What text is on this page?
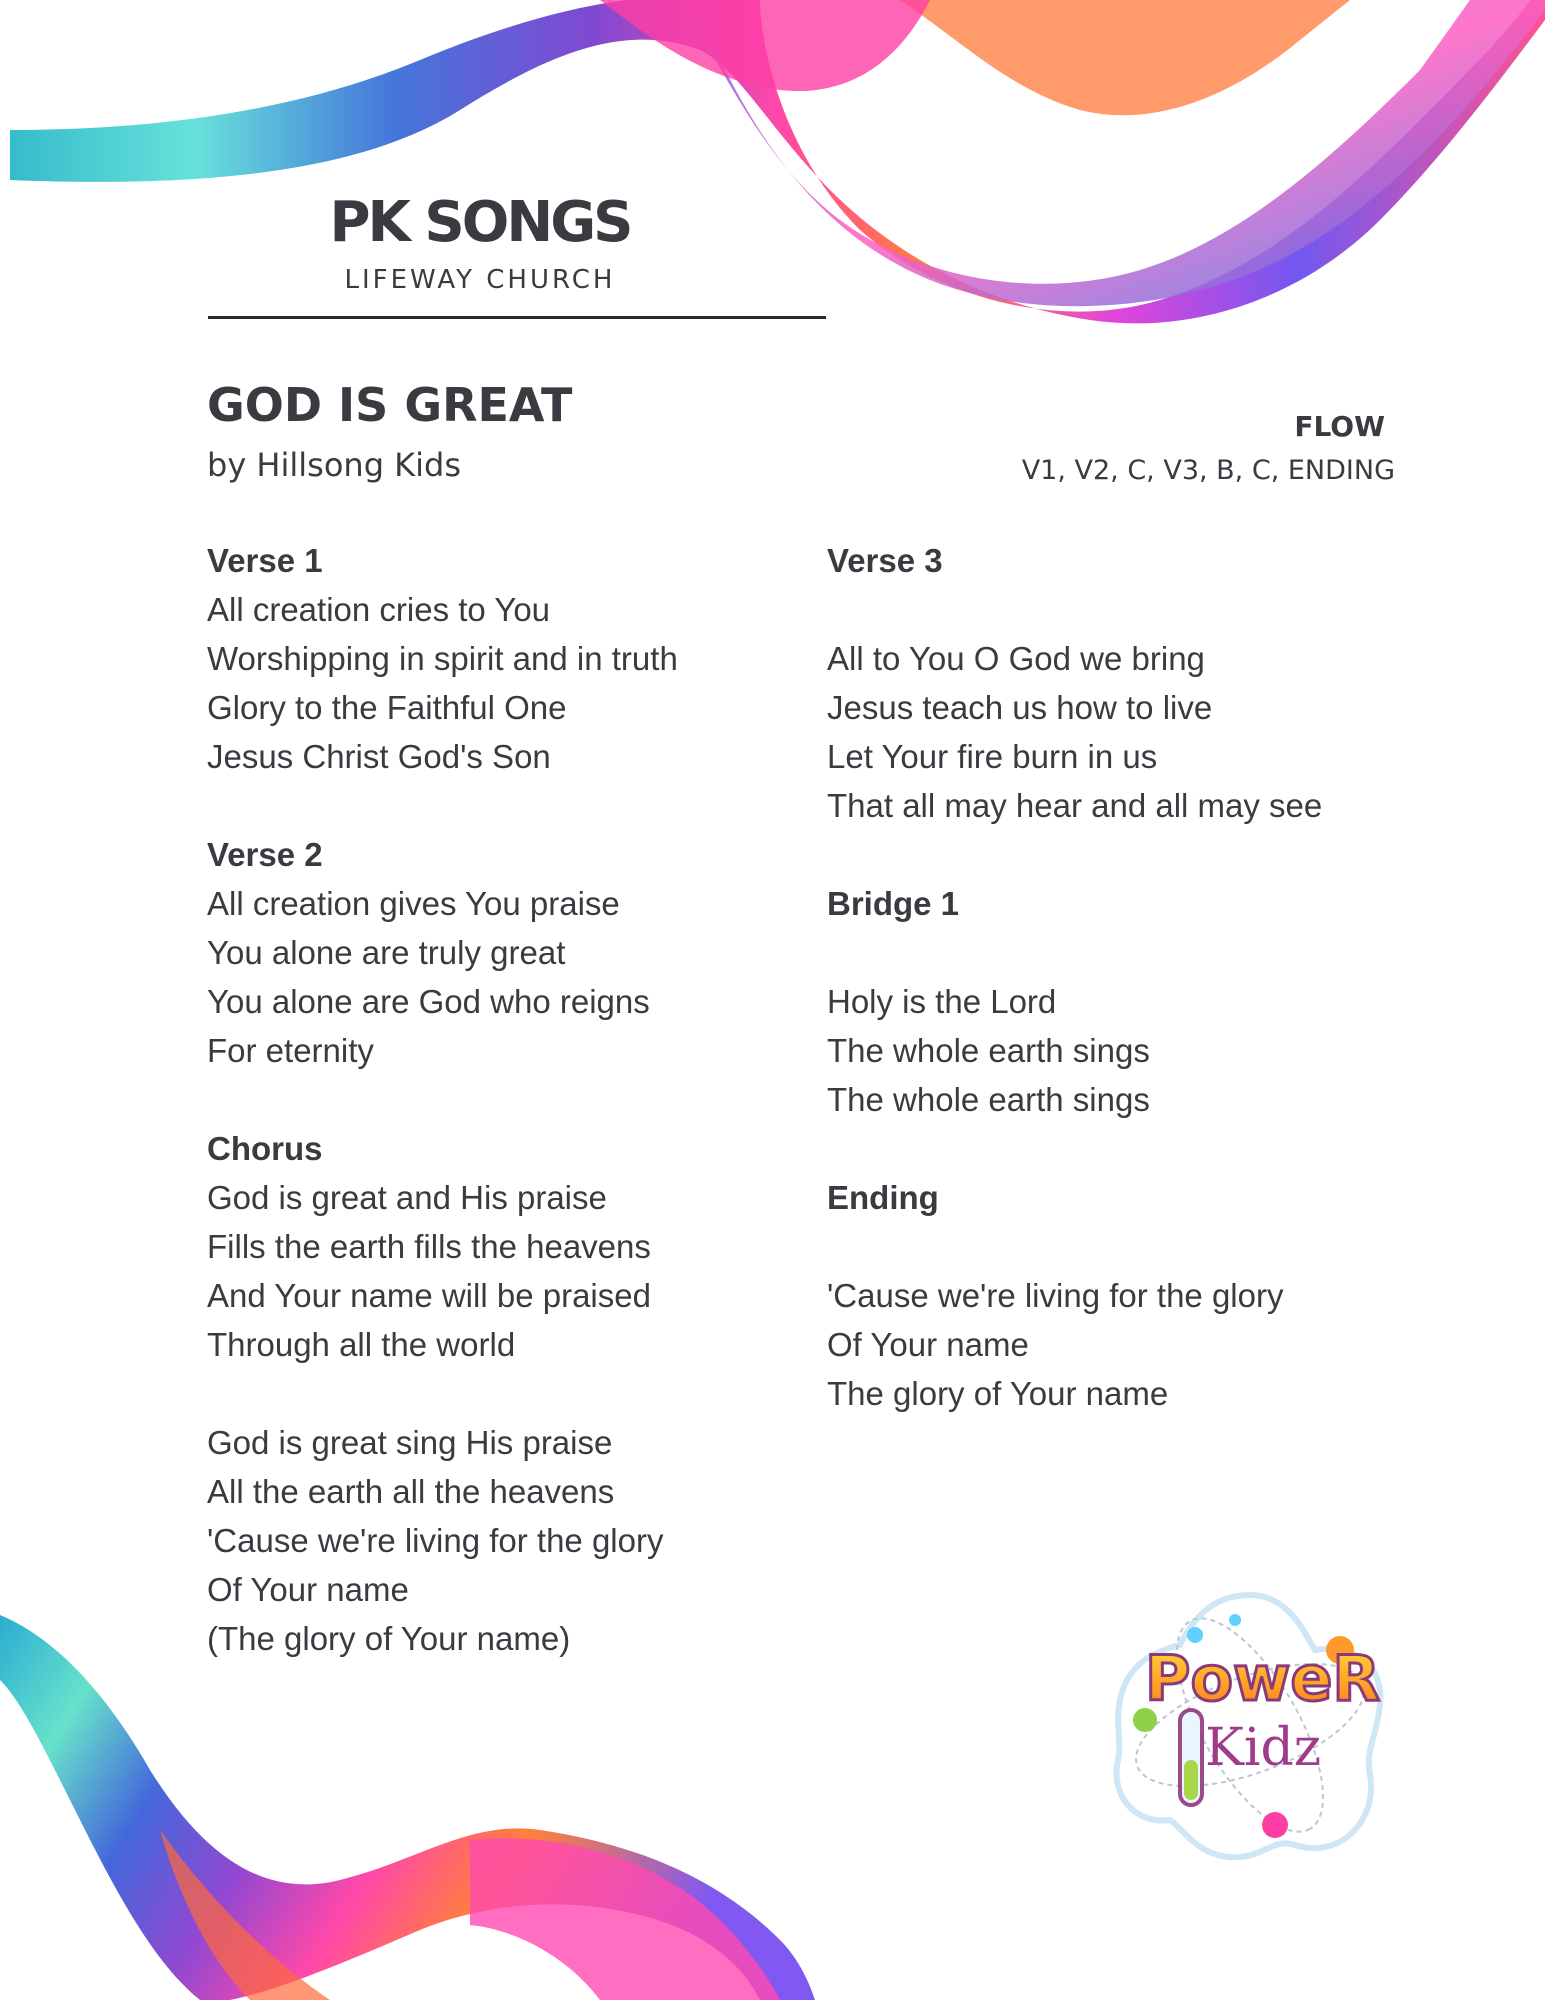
PK SONGS
LIFEWAY CHURCH
GOD IS GREAT
by Hillsong Kids
FLOW
V1, V2, C, V3, B, C, ENDING
Verse 1
All creation cries to You
Worshipping in spirit and in truth
Glory to the Faithful One
Jesus Christ God's Son
Verse 2
All creation gives You praise
You alone are truly great
You alone are God who reigns
For eternity
Chorus
God is great and His praise
Fills the earth fills the heavens
And Your name will be praised
Through all the world
God is great sing His praise
All the earth all the heavens
'Cause we're living for the glory
Of Your name
(The glory of Your name)
Verse 3
All to You O God we bring
Jesus teach us how to live
Let Your fire burn in us
That all may hear and all may see
Bridge 1
Holy is the Lord
The whole earth sings
The whole earth sings
Ending
'Cause we're living for the glory
Of Your name
The glory of Your name
PoweR
Kidz
